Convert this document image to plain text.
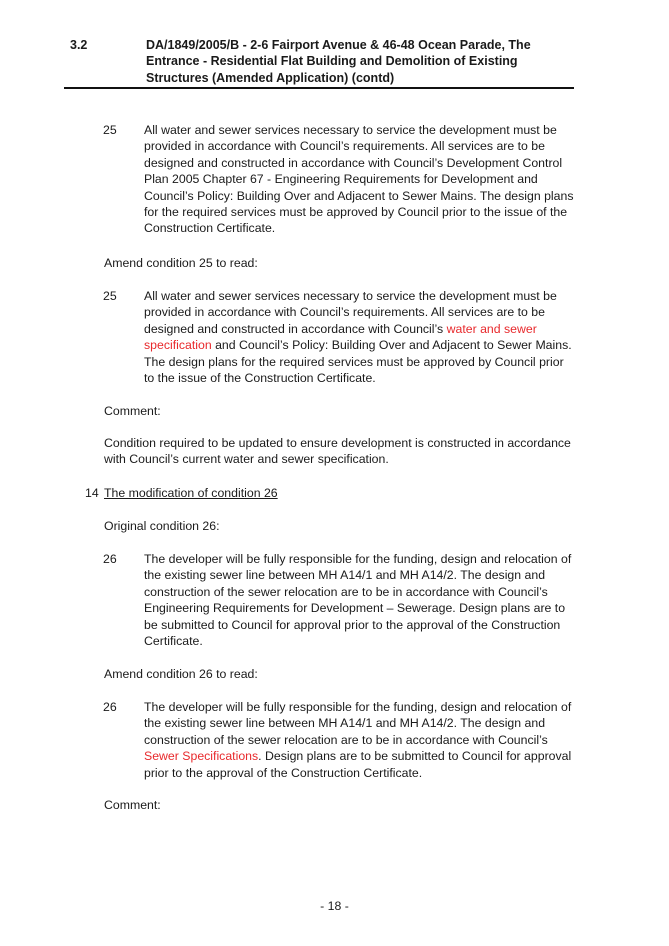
3.2	DA/1849/2005/B - 2-6 Fairport Avenue & 46-48 Ocean Parade, The Entrance - Residential Flat Building and Demolition of Existing Structures (Amended Application) (contd)
25 All water and sewer services necessary to service the development must be provided in accordance with Council’s requirements. All services are to be designed and constructed in accordance with Council’s Development Control Plan 2005 Chapter 67 - Engineering Requirements for Development and Council’s Policy: Building Over and Adjacent to Sewer Mains. The design plans for the required services must be approved by Council prior to the issue of the Construction Certificate.
Amend condition 25 to read:
25 All water and sewer services necessary to service the development must be provided in accordance with Council’s requirements. All services are to be designed and constructed in accordance with Council’s water and sewer specification and Council’s Policy: Building Over and Adjacent to Sewer Mains. The design plans for the required services must be approved by Council prior to the issue of the Construction Certificate.
Comment:
Condition required to be updated to ensure development is constructed in accordance with Council’s current water and sewer specification.
14 The modification of condition 26
Original condition 26:
26 The developer will be fully responsible for the funding, design and relocation of the existing sewer line between MH A14/1 and MH A14/2. The design and construction of the sewer relocation are to be in accordance with Council’s Engineering Requirements for Development – Sewerage. Design plans are to be submitted to Council for approval prior to the approval of the Construction Certificate.
Amend condition 26 to read:
26 The developer will be fully responsible for the funding, design and relocation of the existing sewer line between MH A14/1 and MH A14/2. The design and construction of the sewer relocation are to be in accordance with Council’s Sewer Specifications. Design plans are to be submitted to Council for approval prior to the approval of the Construction Certificate.
Comment:
- 18 -
